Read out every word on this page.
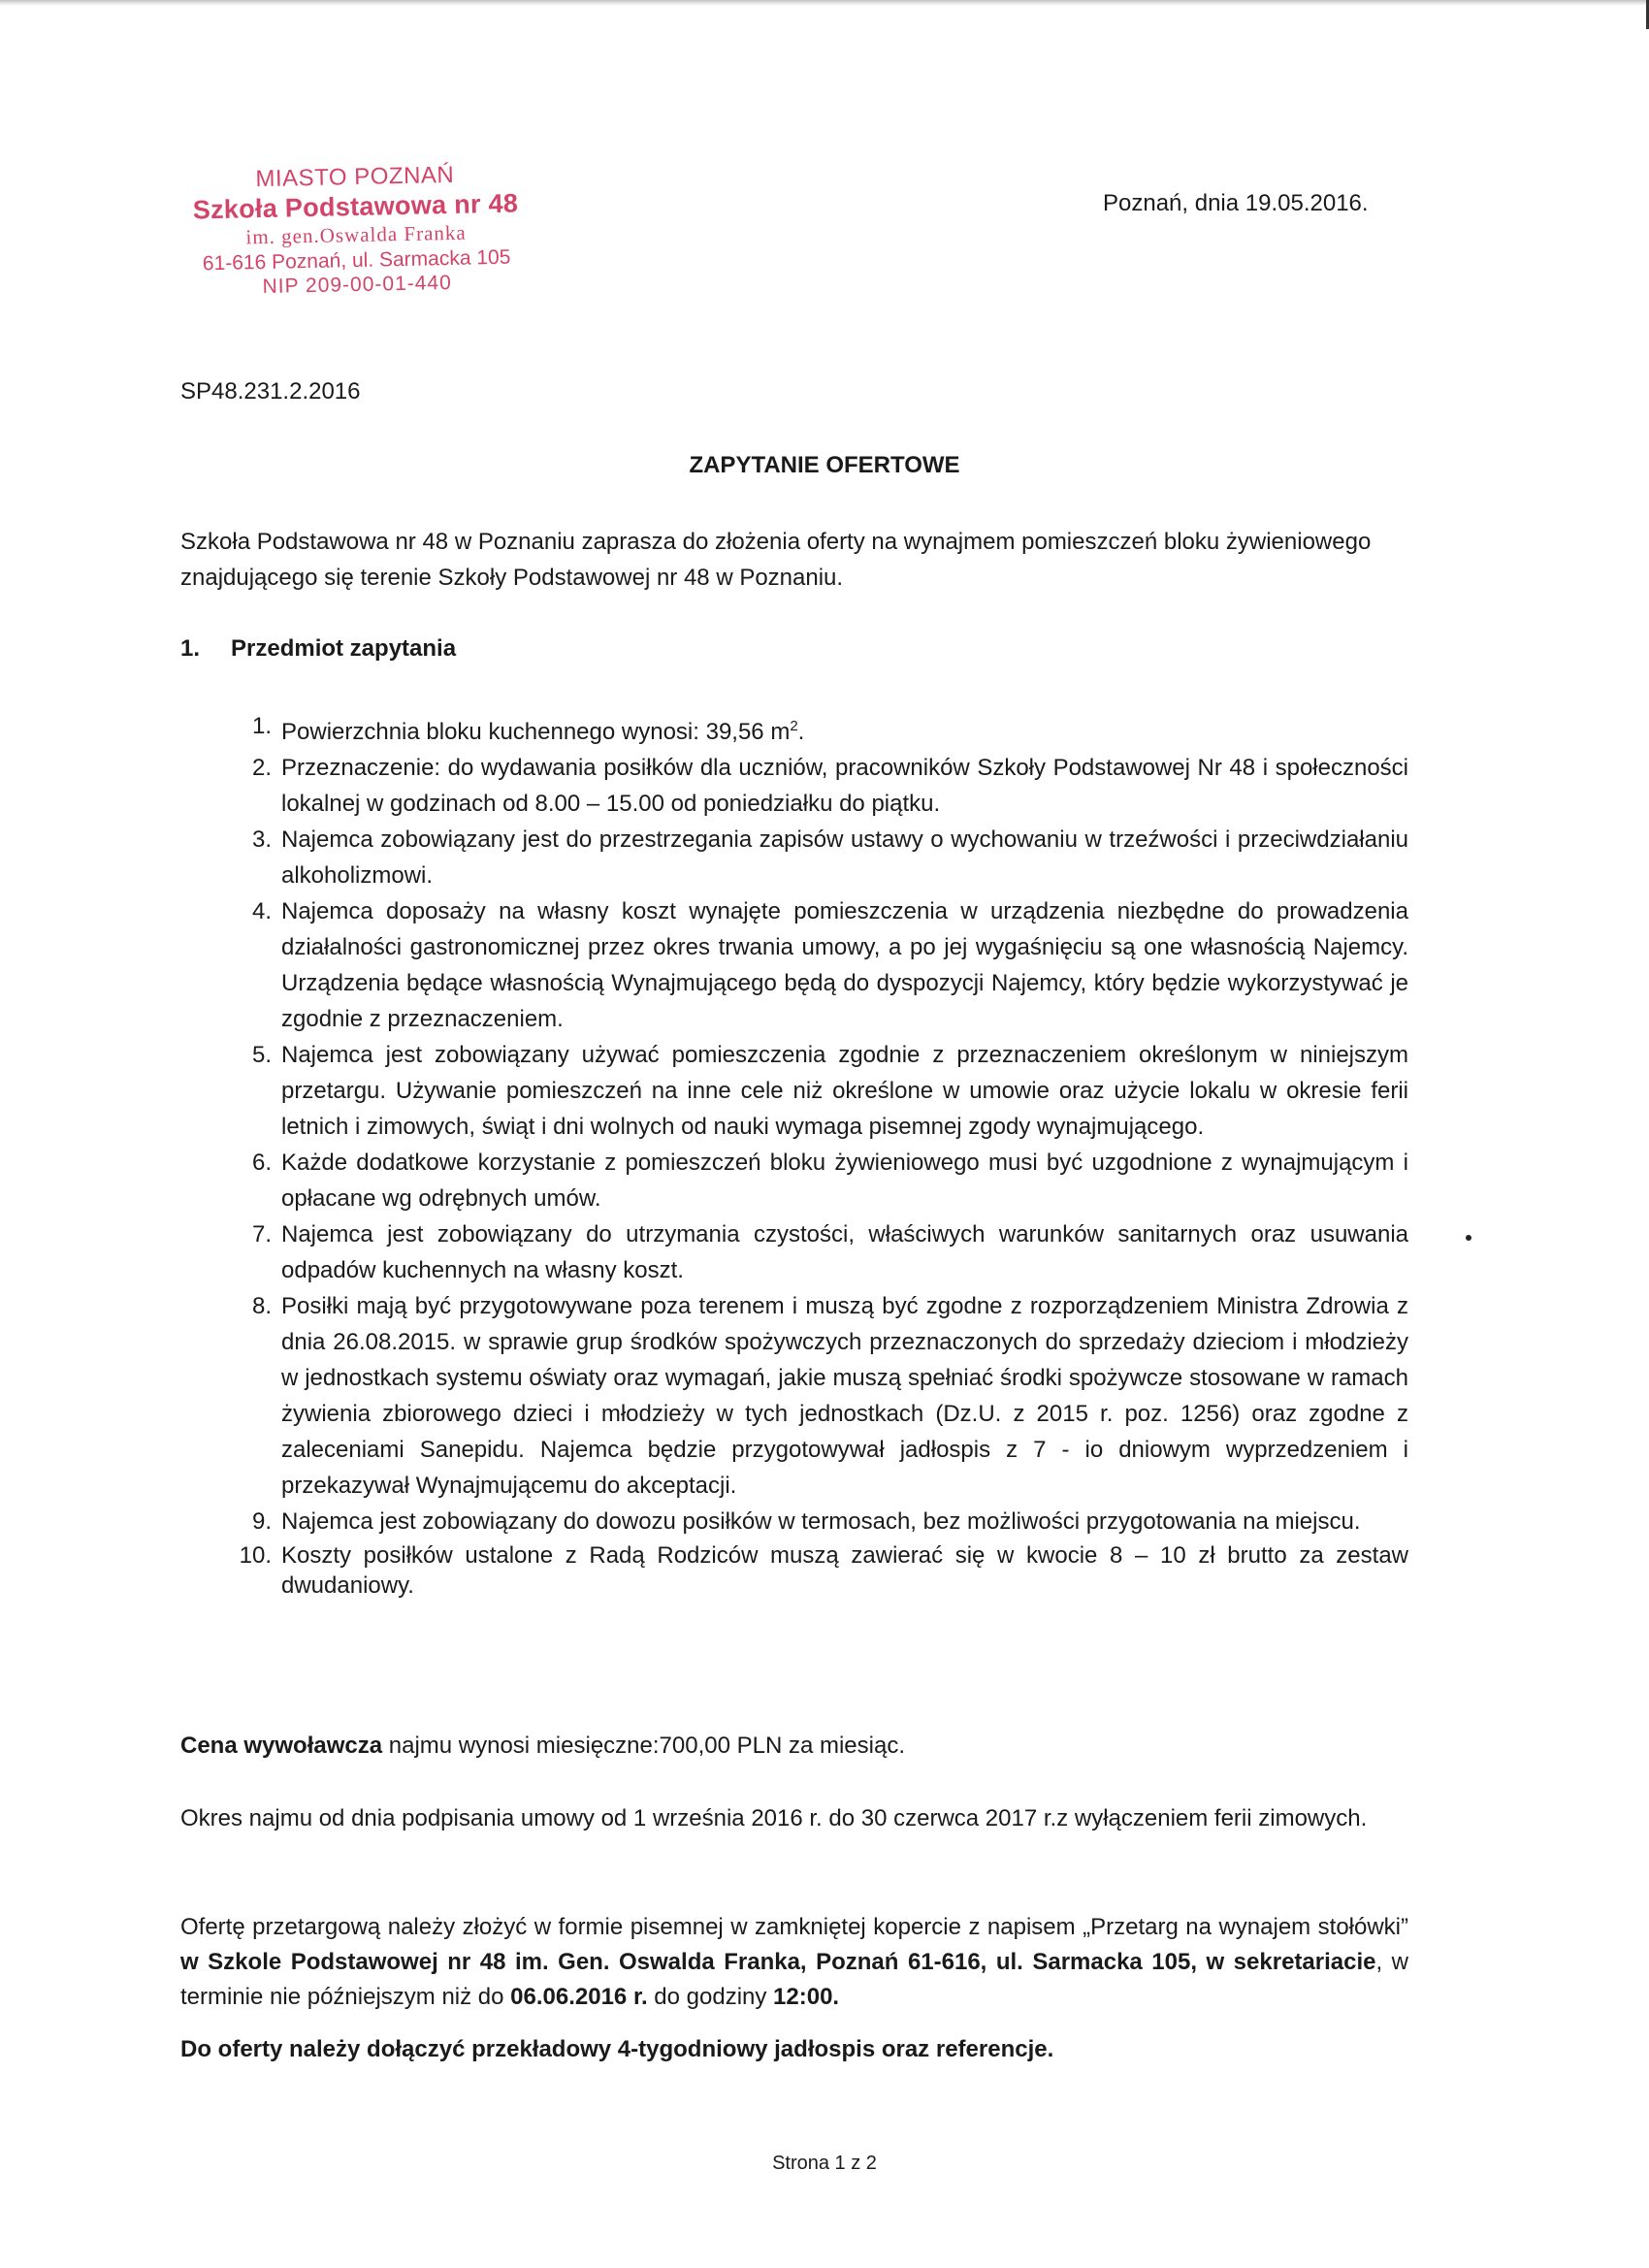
MIASTO POZNAŃ
Szkoła Podstawowa nr 48
im. gen.Oswalda Franka
61-616 Poznań, ul. Sarmacka 105
NIP 209-00-01-440
Poznań, dnia 19.05.2016.
SP48.231.2.2016
ZAPYTANIE OFERTOWE
Szkoła Podstawowa nr 48 w Poznaniu zaprasza do złożenia oferty na wynajmem pomieszczeń bloku żywieniowego znajdującego się terenie Szkoły Podstawowej nr 48 w Poznaniu.
1. Przedmiot zapytania
1. Powierzchnia bloku kuchennego wynosi: 39,56 $m^2$.
2. Przeznaczenie: do wydawania posiłków dla uczniów, pracowników Szkoły Podstawowej Nr 48 i społeczności lokalnej w godzinach od 8.00 – 15.00 od poniedziałku do piątku.
3. Najemca zobowiązany jest do przestrzegania zapisów ustawy o wychowaniu w trzeźwości i przeciwdziałaniu alkoholizmowi.
4. Najemca doposaży na własny koszt wynajęte pomieszczenia w urządzenia niezbędne do prowadzenia działalności gastronomicznej przez okres trwania umowy, a po jej wygaśnięciu są one własnością Najemcy. Urządzenia będące własnością Wynajmującego będą do dyspozycji Najemcy, który będzie wykorzystywać je zgodnie z przeznaczeniem.
5. Najemca jest zobowiązany używać pomieszczenia zgodnie z przeznaczeniem określonym w niniejszym przetargu. Używanie pomieszczeń na inne cele niż określone w umowie oraz użycie lokalu w okresie ferii letnich i zimowych, świąt i dni wolnych od nauki wymaga pisemnej zgody wynajmującego.
6. Każde dodatkowe korzystanie z pomieszczeń bloku żywieniowego musi być uzgodnione z wynajmującym i opłacane wg odrębnych umów.
7. Najemca jest zobowiązany do utrzymania czystości, właściwych warunków sanitarnych oraz usuwania odpadów kuchennych na własny koszt.
8. Posiłki mają być przygotowywane poza terenem i muszą być zgodne z rozporządzeniem Ministra Zdrowia z dnia 26.08.2015. w sprawie grup środków spożywczych przeznaczonych do sprzedaży dzieciom i młodzieży w jednostkach systemu oświaty oraz wymagań, jakie muszą spełniać środki spożywcze stosowane w ramach żywienia zbiorowego dzieci i młodzieży w tych jednostkach (Dz.U. z 2015 r. poz. 1256) oraz zgodne z zaleceniami Sanepidu. Najemca będzie przygotowywał jadłospis z 7 - io dniowym wyprzedzeniem i przekazywał Wynajmującemu do akceptacji.
9. Najemca jest zobowiązany do dowozu posiłków w termosach, bez możliwości przygotowania na miejscu.
10. Koszty posiłków ustalone z Radą Rodziców muszą zawierać się w kwocie 8 – 10 zł brutto za zestaw dwudaniowy.
Cena wywoławcza najmu wynosi miesięczne:700,00 PLN za miesiąc.
Okres najmu od dnia podpisania umowy od 1 września 2016 r. do 30 czerwca 2017 r.z wyłączeniem ferii zimowych.
Ofertę przetargową należy złożyć w formie pisemnej w zamkniętej kopercie z napisem „Przetarg na wynajem stołówki” w Szkole Podstawowej nr 48 im. Gen. Oswalda Franka, Poznań 61-616, ul. Sarmacka 105, w sekretariacie, w terminie nie późniejszym niż do 06.06.2016 r. do godziny 12:00.
Do oferty należy dołączyć przekładowy 4-tygodniowy jadłospis oraz referencje.
Strona 1 z 2
